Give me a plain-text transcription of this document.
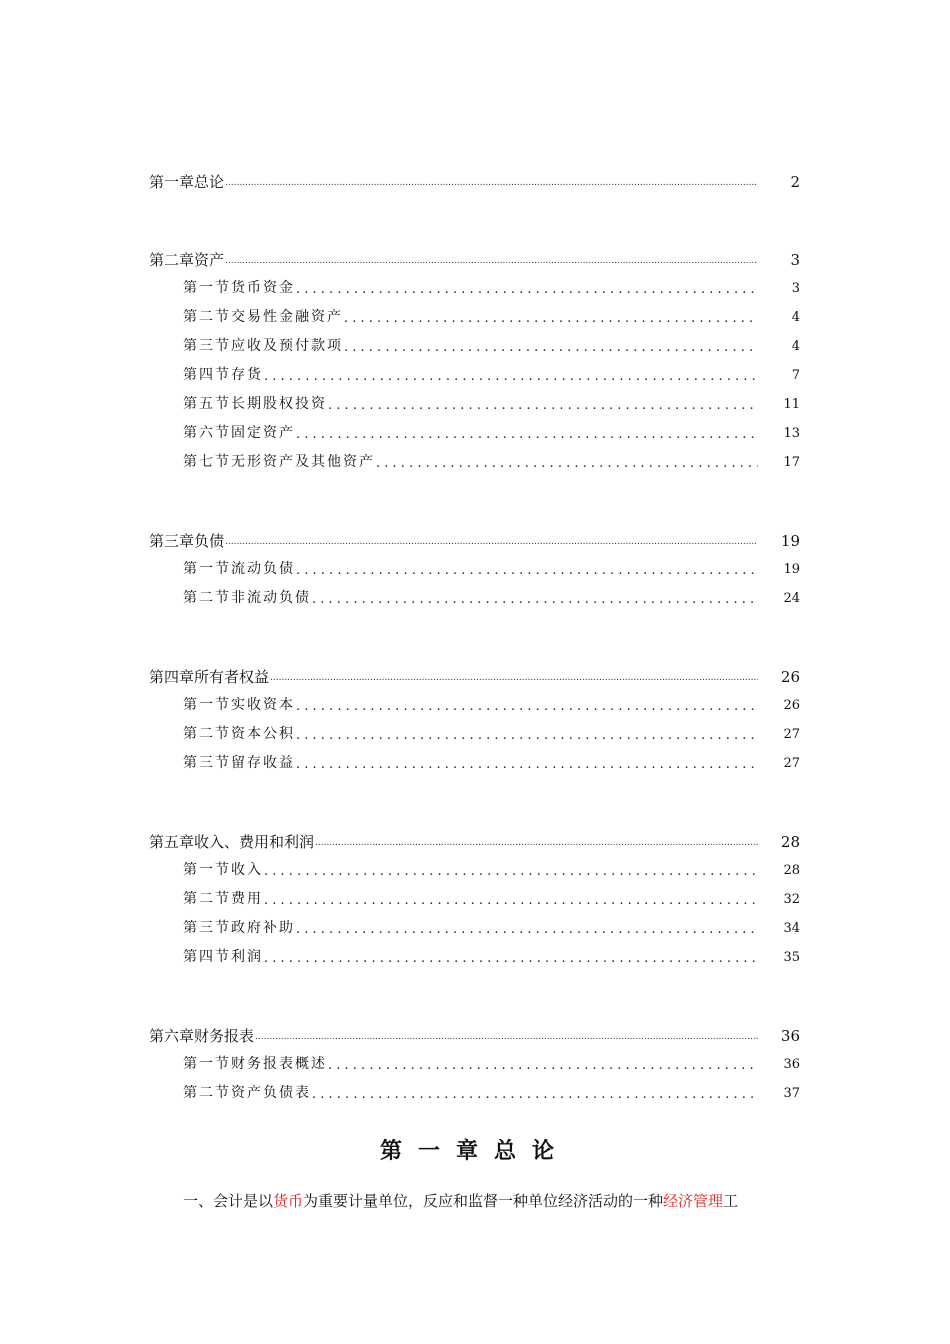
第一章总论 .....	2
第二章资产 .....	3
第一节货币资金 . . .	3
第二节交易性金融资产 . . .	4
第三节应收及预付款项 . . .	4
第四节存货 . . .	7
第五节长期股权投资 . . .	11
第六节固定资产 . . .	13
第七节无形资产及其他资产 . . .	17
第三章负债 .....	19
第一节流动负债 . . .	19
第二节非流动负债 . . .	24
第四章所有者权益 .....	26
第一节实收资本 . . .	26
第二节资本公积 . . .	27
第三节留存收益 . . .	27
第五章收入、费用和利润 .....	28
第一节收入 . . .	28
第二节费用 . . .	32
第三节政府补助 . . .	34
第四节利润 . . .	35
第六章财务报表 .....	36
第一节财务报表概述 . . .	36
第二节资产负债表 . . .	37
第一章总论
一、会计是以货币为重要计量单位，反应和监督一种单位经济活动的一种经济管理工
